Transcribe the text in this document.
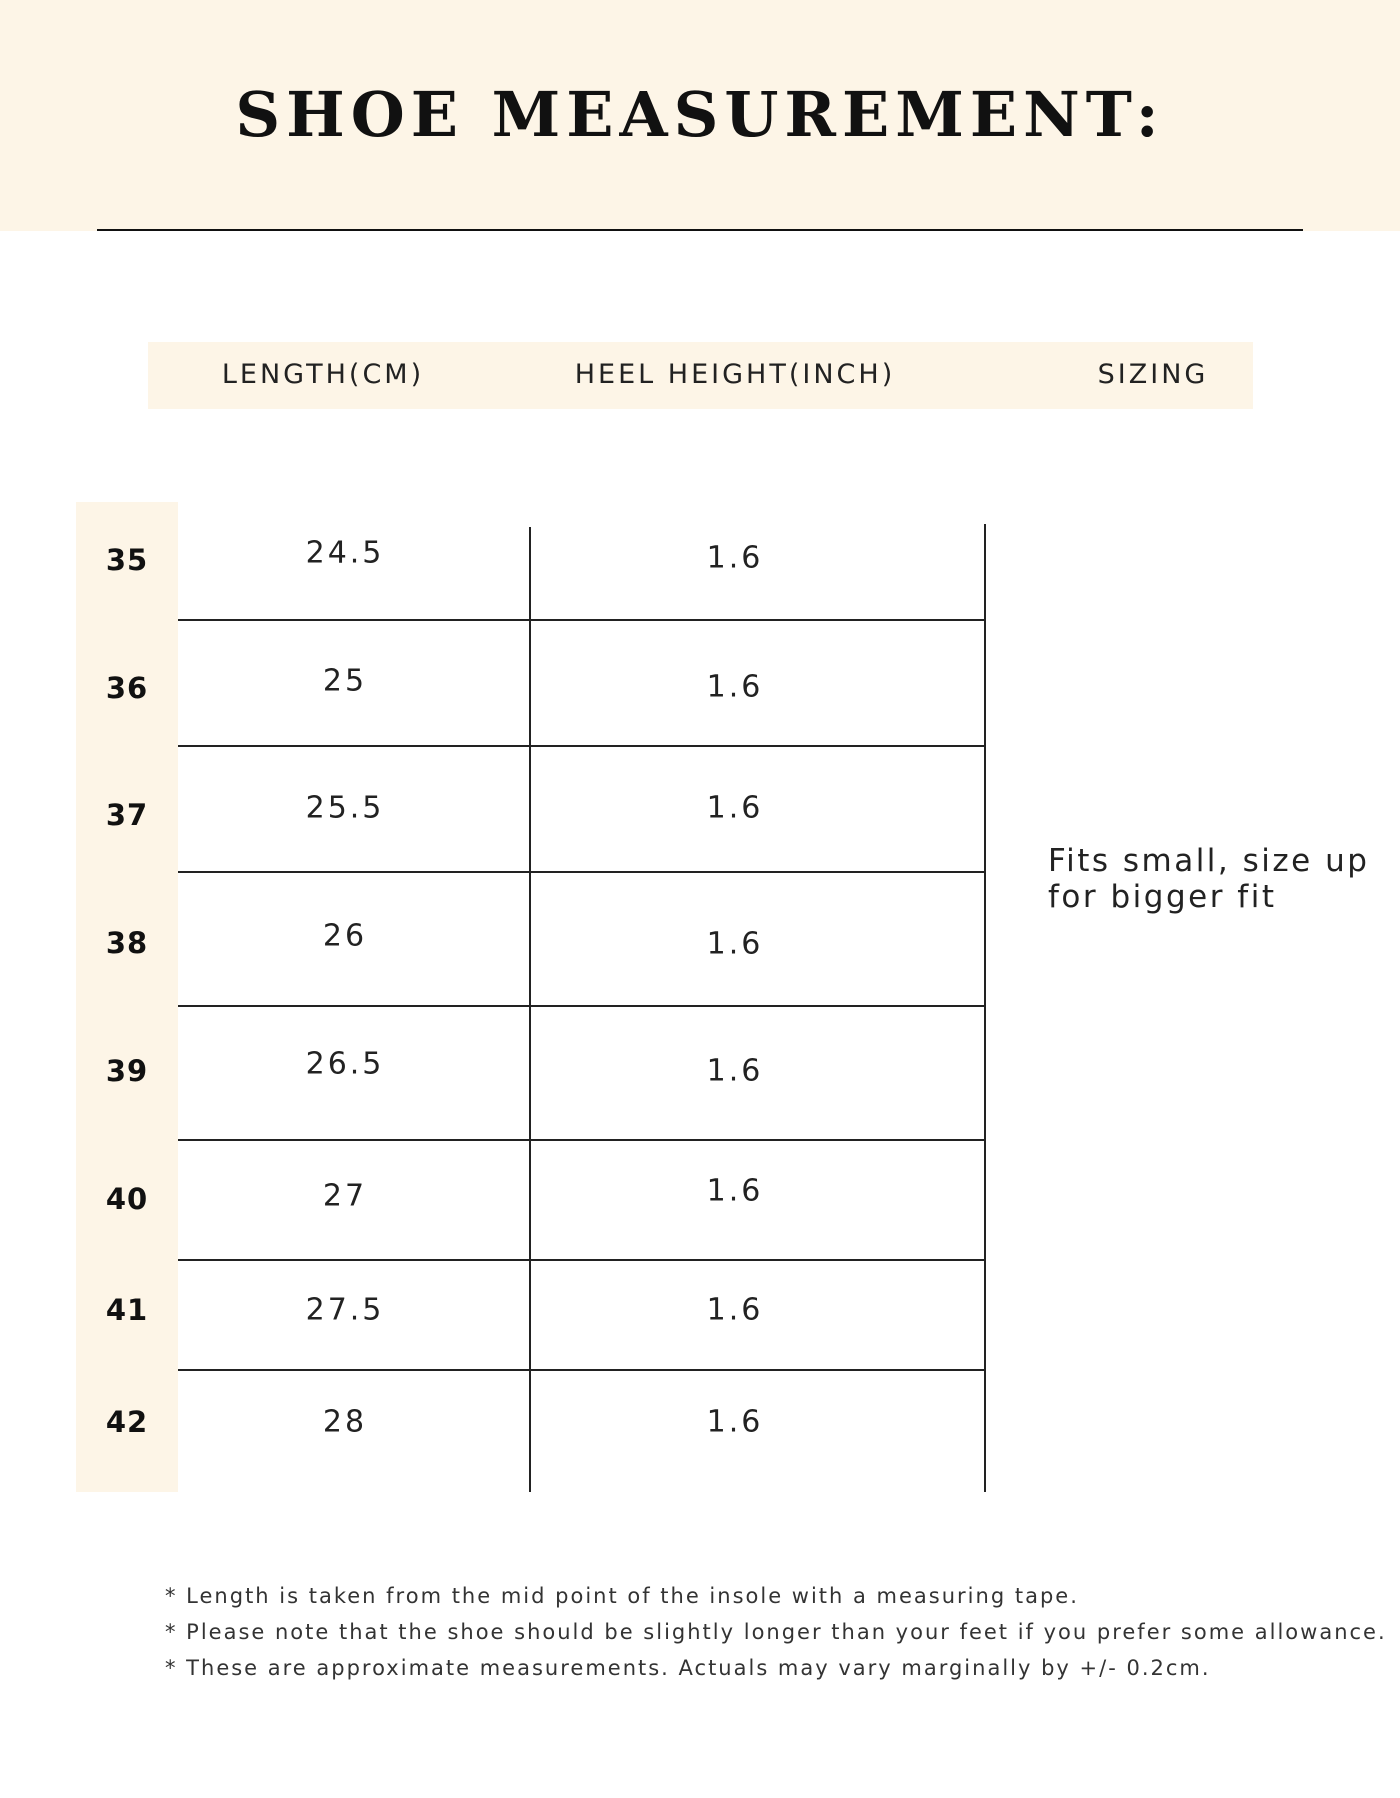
SHOE MEASUREMENT:
LENGTH(CM)	HEEL HEIGHT(INCH)	SIZING
35	24.5	1.6
36	25	1.6
37	25.5	1.6
38	26	1.6
39	26.5	1.6
40	27	1.6
41	27.5	1.6
42	28	1.6
Fits small, size up for bigger fit

* Length is taken from the mid point of the insole with a measuring tape.

* Please note that the shoe should be slightly longer than your feet if you prefer some allowance.

* These are approximate measurements. Actuals may vary marginally by +/- 0.2cm.
